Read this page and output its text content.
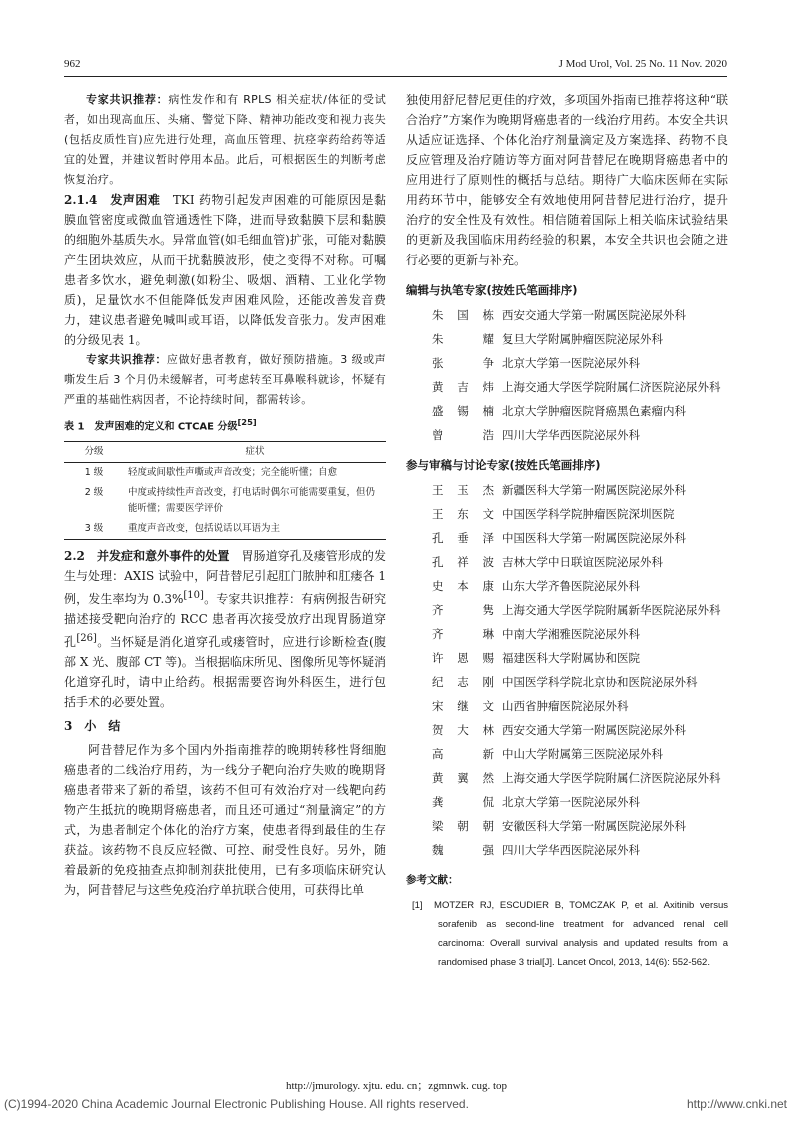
962	J Mod Urol, Vol. 25 No. 11 Nov. 2020

专家共识推荐：病性发作和有 RPLS 相关症状/体征的受试者，如出现高血压、头痛、警觉下降、精神功能改变和视力丧失(包括皮质性盲)应先进行处理，高血压管理、抗痉挛药给药等适宜的处置，并建议暂时停用本品。此后，可根据医生的判断考虑恢复治疗。

2.1.4　发声困难　TKI 药物引起发声困难的可能原因是黏膜血管密度或微血管通透性下降，进而导致黏膜下层和黏膜的细胞外基质失水。异常血管(如毛细血管)扩张，可能对黏膜产生团块效应，从而干扰黏膜波形，使之变得不对称。可嘱患者多饮水，避免刺激(如粉尘、吸烟、酒精、工业化学物质)，足量饮水不但能降低发声困难风险，还能改善发音费力，建议患者避免喊叫或耳语，以降低发音张力。发声困难的分级见表 1。

专家共识推荐：应做好患者教育，做好预防措施。3 级或声嘶发生后 3 个月仍未缓解者，可考虑转至耳鼻喉科就诊，怀疑有严重的基础性病因者，不论持续时间，都需转诊。

表 1　发声困难的定义和 CTCAE 分级[25]

分级	症状
1 级	轻度或间歇性声嘶或声音改变；完全能听懂；自愈
2 级	中度或持续性声音改变，打电话时偶尔可能需要重复，但仍能听懂；需要医学评价
3 级	重度声音改变，包括说话以耳语为主

2.2　并发症和意外事件的处置　胃肠道穿孔及瘘管形成的发生与处理：AXIS 试验中，阿昔替尼引起肛门脓肿和肛瘘各 1 例，发生率均为 0.3%[10]。专家共识推荐：有病例报告研究描述接受靶向治疗的 RCC 患者再次接受放疗出现胃肠道穿孔[26]。当怀疑是消化道穿孔或瘘管时，应进行诊断检查(腹部 X 光、腹部 CT 等)。当根据临床所见、图像所见等怀疑消化道穿孔时，请中止给药。根据需要咨询外科医生，进行包括手术的必要处置。

3　小　结

阿昔替尼作为多个国内外指南推荐的晚期转移性肾细胞癌患者的二线治疗用药，为一线分子靶向治疗失败的晚期肾癌患者带来了新的希望，该药不但可有效治疗对一线靶向药物产生抵抗的晚期肾癌患者，而且还可通过“剂量滴定”的方式，为患者制定个体化的治疗方案，使患者得到最佳的生存获益。该药物不良反应轻微、可控、耐受性良好。另外，随着最新的免疫抽查点抑制剂获批使用，已有多项临床研究认为，阿昔替尼与这些免疫治疗单抗联合使用，可获得比单

独使用舒尼替尼更佳的疗效，多项国外指南已推荐将这种“联合治疗”方案作为晚期肾癌患者的一线治疗用药。本安全共识从适应证选择、个体化治疗剂量滴定及方案选择、药物不良反应管理及治疗随访等方面对阿昔替尼在晚期肾癌患者中的应用进行了原则性的概括与总结。期待广大临床医师在实际用药环节中，能够安全有效地使用阿昔替尼进行治疗，提升治疗的安全性及有效性。相信随着国际上相关临床试验结果的更新及我国临床用药经验的积累，本安全共识也会随之进行必要的更新与补充。

编辑与执笔专家(按姓氏笔画排序)

朱国栋 西安交通大学第一附属医院泌尿外科
朱　耀 复旦大学附属肿瘤医院泌尿外科
张　争 北京大学第一医院泌尿外科
黄吉炜 上海交通大学医学院附属仁济医院泌尿外科
盛锡楠 北京大学肿瘤医院肾癌黑色素瘤内科
曾　浩 四川大学华西医院泌尿外科

参与审稿与讨论专家(按姓氏笔画排序)

王玉杰 新疆医科大学第一附属医院泌尿外科
王东文 中国医学科学院肿瘤医院深圳医院
孔垂泽 中国医科大学第一附属医院泌尿外科
孔祥波 吉林大学中日联谊医院泌尿外科
史本康 山东大学齐鲁医院泌尿外科
齐　隽 上海交通大学医学院附属新华医院泌尿外科
齐　琳 中南大学湘雅医院泌尿外科
许恩赐 福建医科大学附属协和医院
纪志刚 中国医学科学院北京协和医院泌尿外科
宋继文 山西省肿瘤医院泌尿外科
贺大林 西安交通大学第一附属医院泌尿外科
高　新 中山大学附属第三医院泌尿外科
黄翼然 上海交通大学医学院附属仁济医院泌尿外科
龚　侃 北京大学第一医院泌尿外科
梁朝朝 安徽医科大学第一附属医院泌尿外科
魏　强 四川大学华西医院泌尿外科

参考文献：

[1] MOTZER RJ, ESCUDIER B, TOMCZAK P, et al. Axitinib versus sorafenib as second-line treatment for advanced renal cell carcinoma: Overall survival analysis and updated results from a randomised phase 3 trial[J]. Lancet Oncol, 2013, 14(6): 552-562.

http://jmurology. xjtu. edu. cn；zgmnwk. cug. top
(C)1994-2020 China Academic Journal Electronic Publishing House. All rights reserved.	http://www.cnki.net
